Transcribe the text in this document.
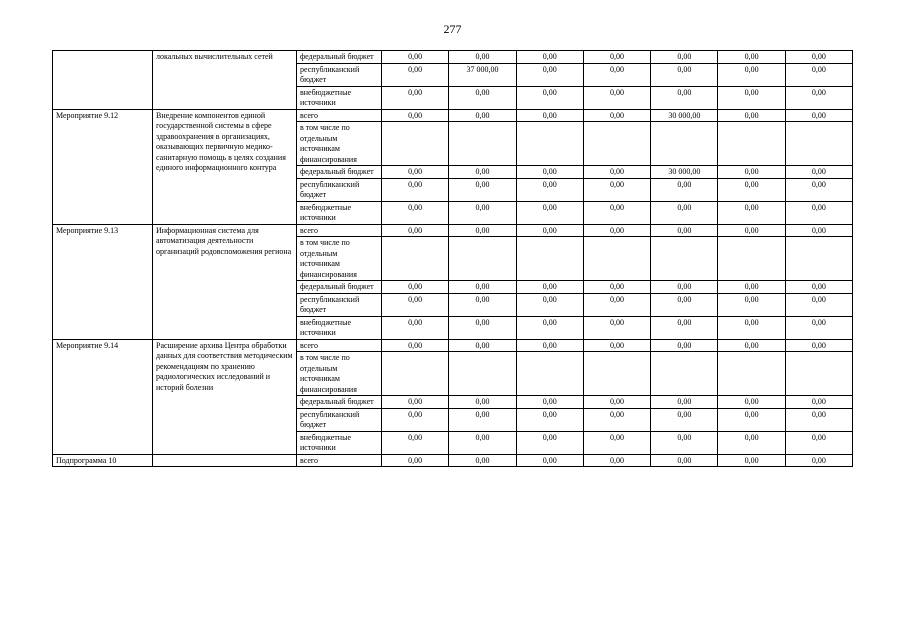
277
	локальных вычислительных сетей	федеральный бюджет	0,00	0,00	0,00	0,00	0,00	0,00	0,00
		республиканский бюджет	0,00	37 000,00	0,00	0,00	0,00	0,00	0,00
		внебюджетные источники	0,00	0,00	0,00	0,00	0,00	0,00	0,00
Мероприятие 9.12	Внедрение компонентов единой государственной системы в сфере здравоохранения в организациях, оказывающих первичную медико-санитарную помощь в целях создания единого информационного контура	всего	0,00	0,00	0,00	0,00	30 000,00	0,00	0,00
		в том числе по отдельным источникам финансирования							
		федеральный бюджет	0,00	0,00	0,00	0,00	30 000,00	0,00	0,00
		республиканский бюджет	0,00	0,00	0,00	0,00	0,00	0,00	0,00
		внебюджетные источники	0,00	0,00	0,00	0,00	0,00	0,00	0,00
Мероприятие 9.13	Информационная система для автоматизация деятельности организаций родовспоможения региона	всего	0,00	0,00	0,00	0,00	0,00	0,00	0,00
		в том числе по отдельным источникам финансирования							
		федеральный бюджет	0,00	0,00	0,00	0,00	0,00	0,00	0,00
		республиканский бюджет	0,00	0,00	0,00	0,00	0,00	0,00	0,00
		внебюджетные источники	0,00	0,00	0,00	0,00	0,00	0,00	0,00
Мероприятие 9.14	Расширение архива Центра обработки данных для соответствия методическим рекомендациям по хранению радиологических исследований и историй болезни	всего	0,00	0,00	0,00	0,00	0,00	0,00	0,00
		в том числе по отдельным источникам финансирования							
		федеральный бюджет	0,00	0,00	0,00	0,00	0,00	0,00	0,00
		республиканский бюджет	0,00	0,00	0,00	0,00	0,00	0,00	0,00
		внебюджетные источники	0,00	0,00	0,00	0,00	0,00	0,00	0,00
Подпрограмма 10		всего	0,00	0,00	0,00	0,00	0,00	0,00	0,00
